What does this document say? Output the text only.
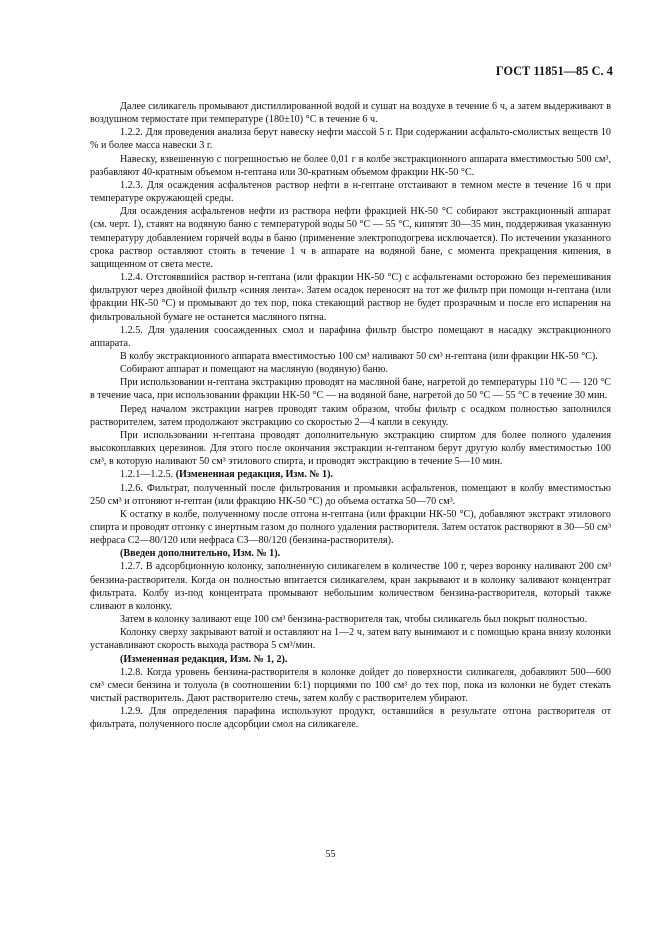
ГОСТ 11851—85 С. 4

Далее силикагель промывают дистиллированной водой и сушат на воздухе в течение 6 ч, а затем выдерживают в воздушном термостате при температуре (180±10) °С в течение 6 ч.

1.2.2. Для проведения анализа берут навеску нефти массой 5 г. При содержании асфальто-смолистых веществ 10 % и более масса навески 3 г.

Навеску, взвешенную с погрешностью не более 0,01 г в колбе экстракционного аппарата вместимостью 500 см³, разбавляют 40-кратным объемом н-гептана или 30-кратным объемом фракции НК-50 °С.

1.2.3. Для осаждения асфальтенов раствор нефти в н-гептане отстаивают в темном месте в течение 16 ч при температуре окружающей среды.

Для осаждения асфальтенов нефти из раствора нефти фракцией НК-50 °С собирают экстракционный аппарат (см. черт. 1), ставят на водяную баню с температурой воды 50 °С — 55 °С, кипятят 30—35 мин, поддерживая указанную температуру добавлением горячей воды в баню (применение электроподогрева исключается). По истечении указанного срока раствор оставляют стоять в течение 1 ч в аппарате на водяной бане, с момента прекращения кипения, в защищенном от света месте.

1.2.4. Отстоявшийся раствор н-гептана (или фракции НК-50 °С) с асфальтенами осторожно без перемешивания фильтруют через двойной фильтр «синяя лента». Затем осадок переносят на тот же фильтр при помощи н-гептана (или фракции НК-50 °С) и промывают до тех пор, пока стекающий раствор не будет прозрачным и после его испарения на фильтровальной бумаге не останется масляного пятна.

1.2.5. Для удаления соосажденных смол и парафина фильтр быстро помещают в насадку экстракционного аппарата.

В колбу экстракционного аппарата вместимостью 100 см³ наливают 50 см³ н-гептана (или фракции НК-50 °С).

Собирают аппарат и помещают на масляную (водяную) баню.

При использовании н-гептана экстракцию проводят на масляной бане, нагретой до температуры 110 °С — 120 °С в течение часа, при использовании фракции НК-50 °С — на водяной бане, нагретой до 50 °С — 55 °С в течение 30 мин.

Перед началом экстракции нагрев проводят таким образом, чтобы фильтр с осадком полностью заполнился растворителем, затем продолжают экстракцию со скоростью 2—4 капли в секунду.

При использовании н-гептана проводят дополнительную экстракцию спиртом для более полного удаления высокоплавких церезинов. Для этого после окончания экстракции н-гептаном берут другую колбу вместимостью 100 см³, в которую наливают 50 см³ этилового спирта, и проводят экстракцию в течение 5—10 мин.

1.2.1—1.2.5. (Измененная редакция, Изм. № 1).

1.2.6. Фильтрат, полученный после фильтрования и промывки асфальтенов, помещают в колбу вместимостью 250 см³ и отгоняют н-гептан (или фракцию НК-50 °С) до объема остатка 50—70 см³.

К остатку в колбе, полученному после отгона н-гептана (или фракции НК-50 °С), добавляют экстракт этилового спирта и проводят отгонку с инертным газом до полного удаления растворителя. Затем остаток растворяют в 30—50 см³ нефраса С2—80/120 или нефраса С3—80/120 (бензина-растворителя).

(Введен дополнительно, Изм. № 1).

1.2.7. В адсорбционную колонку, заполненную силикагелем в количестве 100 г, через воронку наливают 200 см³ бензина-растворителя. Когда он полностью впитается силикагелем, кран закрывают и в колонку заливают концентрат фильтрата. Колбу из-под концентрата промывают небольшим количеством бензина-растворителя, который также сливают в колонку.

Затем в колонку заливают еще 100 см³ бензина-растворителя так, чтобы силикагель был покрыт полностью.

Колонку сверху закрывают ватой и оставляют на 1—2 ч, затем вату вынимают и с помощью крана внизу колонки устанавливают скорость выхода раствора 5 см³/мин.

(Измененная редакция, Изм. № 1, 2).

1.2.8. Когда уровень бензина-растворителя в колонке дойдет до поверхности силикагеля, добавляют 500—600 см³ смеси бензина и толуола (в соотношении 6:1) порциями по 100 см³ до тех пор, пока из колонки не будет стекать чистый растворитель. Дают растворителю стечь, затем колбу с растворителем убирают.

1.2.9. Для определения парафина используют продукт, оставшийся в результате отгона растворителя от фильтрата, полученного после адсорбции смол на силикагеле.

55
